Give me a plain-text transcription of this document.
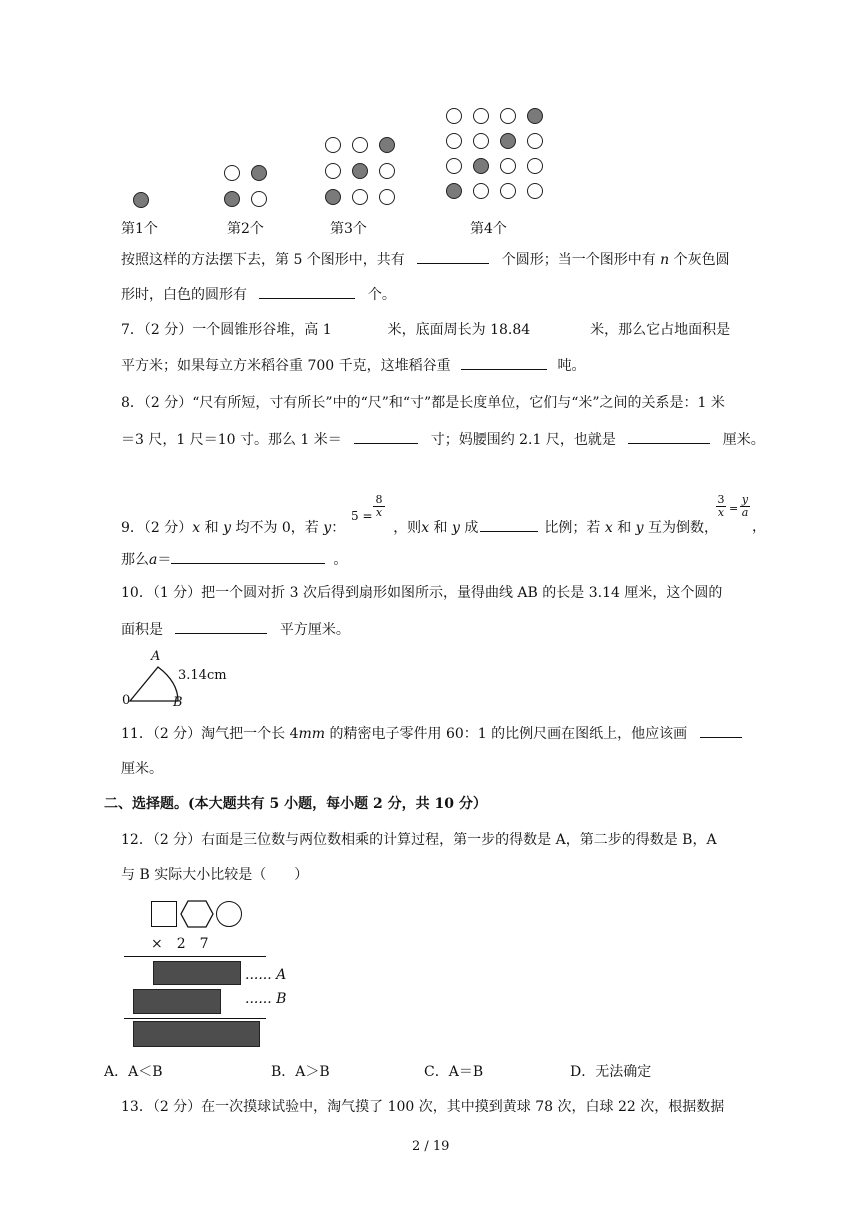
第1个	第2个	第3个	第4个
按照这样的方法摆下去，第 5 个图形中，共有	个圆形；当一个图形中有 n 个灰色圆
形时，白色的圆形有	个。
7．（2 分）一个圆锥形谷堆，高 1	米，底面周长为 18.84	米，那么它占地面积是
平方米；如果每立方米稻谷重 700 千克，这堆稻谷重	吨。
8．（2 分）“尺有所短，寸有所长”中的“尺”和“寸”都是长度单位，它们与“米”之间的关系是：1 米
＝3 尺，1 尺＝10 寸。那么 1 米＝	寸；妈腰围约 2.1 尺，也就是	厘米。
9．（2 分）x 和 y 均不为 0，若 y：	，则x 和 y 成	比例；若 x 和 y 互为倒数，
5 =
8
x
3
x =
y
a
，
那么a＝	。
10．（1 分）把一个圆对折 3 次后得到扇形如图所示，量得曲线 AB 的长是 3.14 厘米，这个圆的
面积是	平方厘米。
A
3.14cm
0	B
11．（2 分）淘气把一个长 4mm 的精密电子零件用 60：1 的比例尺画在图纸上，他应该画
厘米。
二、选择题。(本大题共有 5 小题，每小题 2 分，共 10 分）
12．（2 分）右面是三位数与两位数相乘的计算过程，第一步的得数是 A，第二步的得数是 B，A
与 B 实际大小比较是（　　）
×　2　7
...... A
...... B
A．A＜B	B．A＞B	C．A＝B	D．无法确定
13．（2 分）在一次摸球试验中，淘气摸了 100 次，其中摸到黄球 78 次，白球 22 次，根据数据
2 / 19
